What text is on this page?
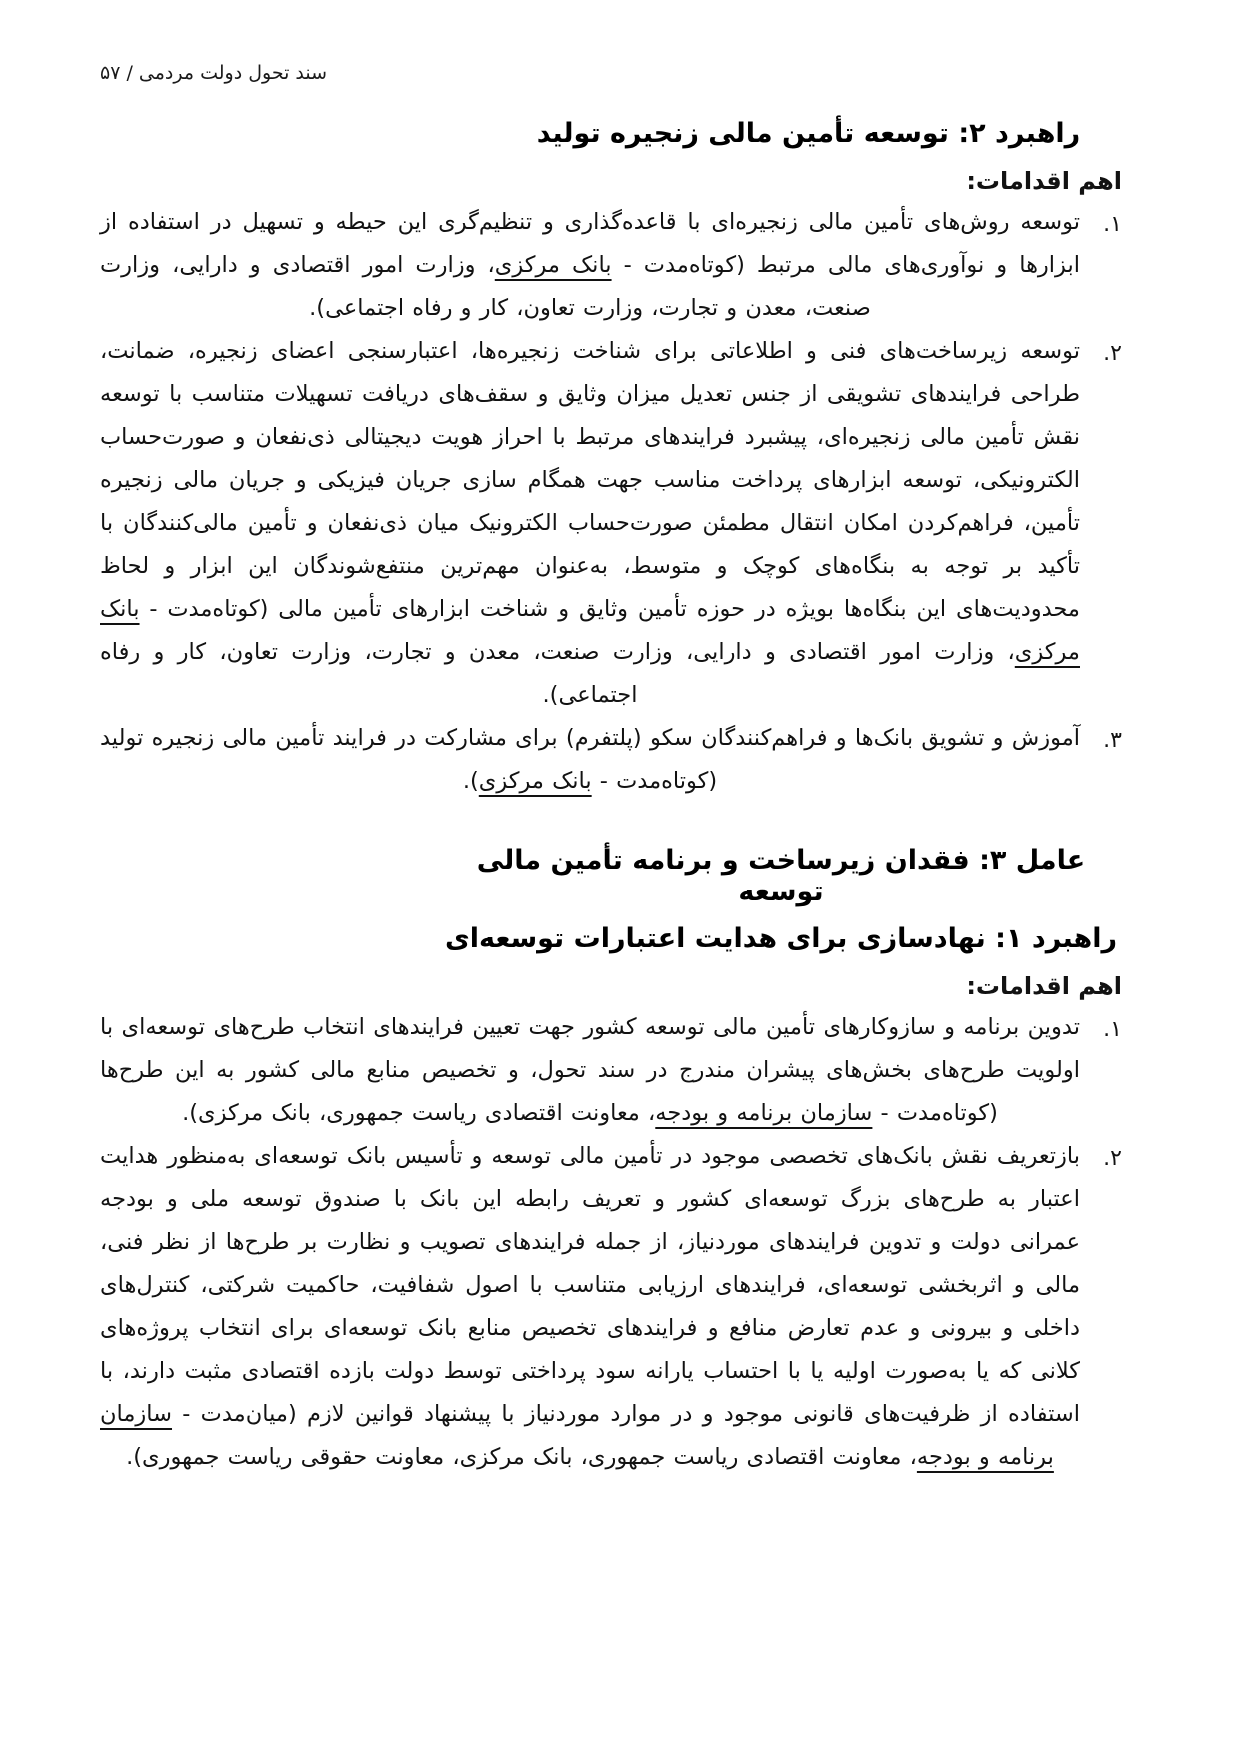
سند تحول دولت مردمی / ۵۷
راهبرد ۲: توسعه تأمین مالی زنجیره تولید
اهم اقدامات:
۱.

توسعه روش‌های تأمین مالی زنجیره‌ای با قاعده‌گذاری و تنظیم‌گری این حیطه و تسهیل در استفاده از ابزارها و نوآوری‌های مالی مرتبط (کوتاه‌مدت - بانک مرکزی، وزارت امور اقتصادی و دارایی، وزارت صنعت، معدن و تجارت، وزارت تعاون، کار و رفاه اجتماعی).

۲.

توسعه زیرساخت‌های فنی و اطلاعاتی برای شناخت زنجیره‌ها، اعتبارسنجی اعضای زنجیره، ضمانت، طراحی فرایندهای تشویقی از جنس تعدیل میزان وثایق و سقف‌های دریافت تسهیلات متناسب با توسعه نقش تأمین مالی زنجیره‌ای، پیشبرد فرایندهای مرتبط با احراز هویت دیجیتالی ذی‌نفعان و صورت‌حساب الکترونیکی، توسعه ابزارهای پرداخت مناسب جهت همگام سازی جریان فیزیکی و جریان مالی زنجیره تأمین، فراهم‌کردن امکان انتقال مطمئن صورت‌حساب الکترونیک میان ذی‌نفعان و تأمین مالی‌کنندگان با تأکید بر توجه به بنگاه‌های کوچک و متوسط، به‌عنوان مهم‌ترین منتفع‌شوندگان این ابزار و لحاظ محدودیت‌های این بنگاه‌ها بویژه در حوزه تأمین وثایق و شناخت ابزارهای تأمین مالی (کوتاه‌مدت - بانک مرکزی، وزارت امور اقتصادی و دارایی، وزارت صنعت، معدن و تجارت، وزارت تعاون، کار و رفاه اجتماعی).

۳.

آموزش و تشویق بانک‌ها و فراهم‌کنندگان سکو (پلتفرم) برای مشارکت در فرایند تأمین مالی زنجیره تولید (کوتاه‌مدت - بانک مرکزی).

عامل ۳: فقدان زیرساخت و برنامه تأمین مالی توسعه
راهبرد ۱: نهادسازی برای هدایت اعتبارات توسعه‌ای
اهم اقدامات:
۱.

تدوین برنامه و سازوکارهای تأمین مالی توسعه کشور جهت تعیین فرایندهای انتخاب طرح‌های توسعه‌ای با اولویت طرح‌های بخش‌های پیشران مندرج در سند تحول، و تخصیص منابع مالی کشور به این طرح‌ها (کوتاه‌مدت - سازمان برنامه و بودجه، معاونت اقتصادی ریاست جمهوری، بانک مرکزی).

۲.

بازتعریف نقش بانک‌های تخصصی موجود در تأمین مالی توسعه و تأسیس بانک توسعه‌ای به‌منظور هدایت اعتبار به طرح‌های بزرگ توسعه‌ای کشور و تعریف رابطه این بانک با صندوق توسعه ملی و بودجه عمرانی دولت و تدوین فرایندهای موردنیاز، از جمله فرایندهای تصویب و نظارت بر طرح‌ها از نظر فنی، مالی و اثربخشی توسعه‌ای، فرایندهای ارزیابی متناسب با اصول شفافیت، حاکمیت شرکتی، کنترل‌های داخلی و بیرونی و عدم تعارض منافع و فرایندهای تخصیص منابع بانک توسعه‌ای برای انتخاب پروژه‌های کلانی که یا به‌صورت اولیه یا با احتساب یارانه سود پرداختی توسط دولت بازده اقتصادی مثبت دارند، با استفاده از ظرفیت‌های قانونی موجود و در موارد موردنیاز با پیشنهاد قوانین لازم (میان‌مدت - سازمان برنامه و بودجه، معاونت اقتصادی ریاست جمهوری، بانک مرکزی، معاونت حقوقی ریاست جمهوری).
